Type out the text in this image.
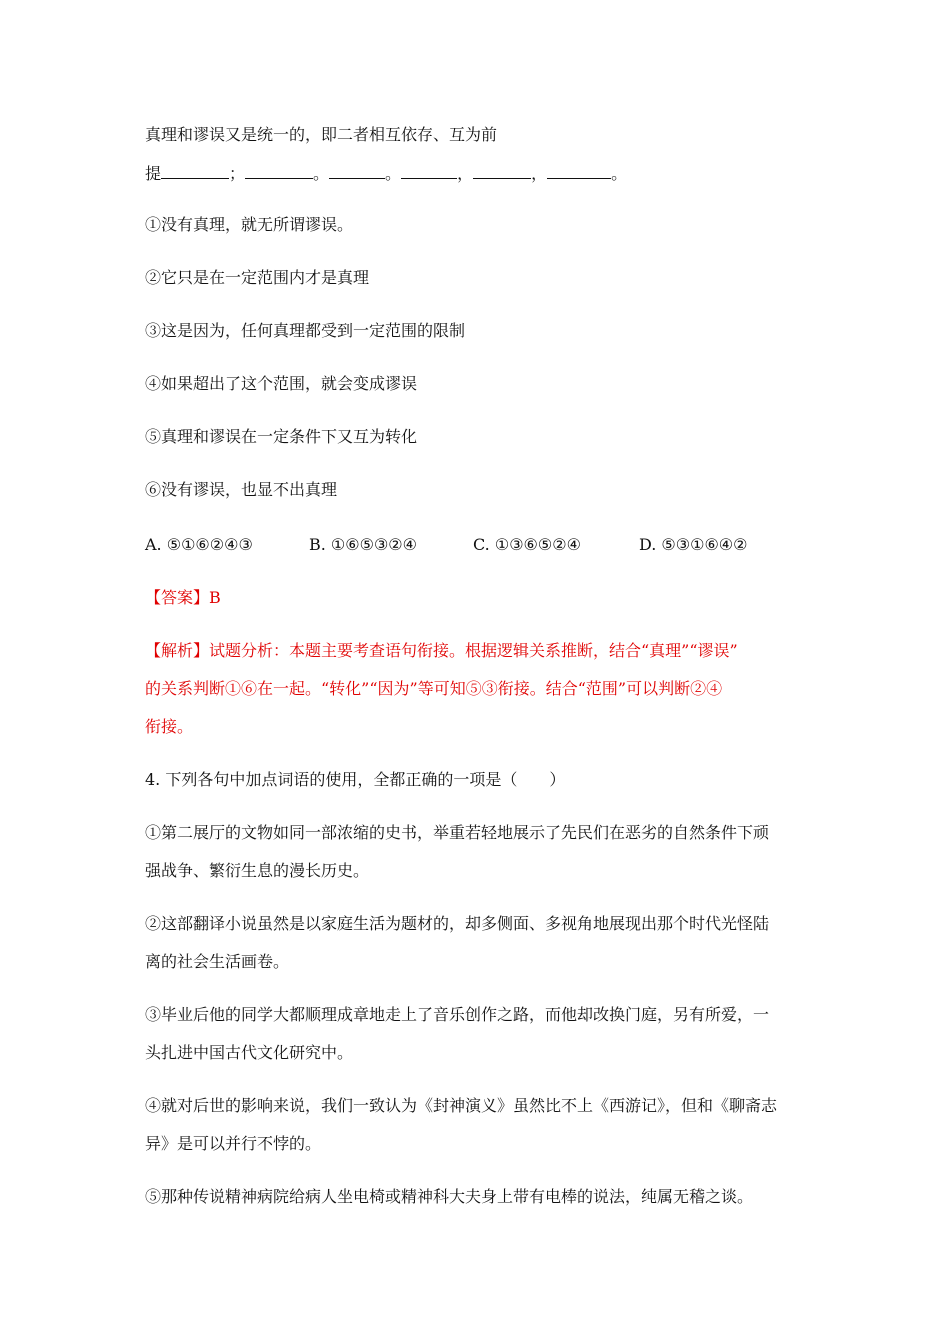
真理和谬误又是统一的，即二者相互依存、互为前
提	；	。	。	，	，	。
①没有真理，就无所谓谬误。
②它只是在一定范围内才是真理
③这是因为，任何真理都受到一定范围的限制
④如果超出了这个范围，就会变成谬误
⑤真理和谬误在一定条件下又互为转化
⑥没有谬误，也显不出真理
A. ⑤①⑥②④③	B. ①⑥⑤③②④	C. ①③⑥⑤②④	D. ⑤③①⑥④②
【答案】B
【解析】试题分析：本题主要考查语句衔接。根据逻辑关系推断，结合“真理”“谬误”
的关系判断①⑥在一起。“转化”“因为”等可知⑤③衔接。结合“范围”可以判断②④
衔接。
4. 下列各句中加点词语的使用，全都正确的一项是（　　）
①第二展厅的文物如同一部浓缩的史书，举重若轻地展示了先民们在恶劣的自然条件下顽
强战争、繁衍生息的漫长历史。
②这部翻译小说虽然是以家庭生活为题材的，却多侧面、多视角地展现出那个时代光怪陆
离的社会生活画卷。
③毕业后他的同学大都顺理成章地走上了音乐创作之路，而他却改换门庭，另有所爱，一
头扎进中国古代文化研究中。
④就对后世的影响来说，我们一致认为《封神演义》虽然比不上《西游记》，但和《聊斋志
异》是可以并行不悖的。
⑤那种传说精神病院给病人坐电椅或精神科大夫身上带有电棒的说法，纯属无稽之谈。
